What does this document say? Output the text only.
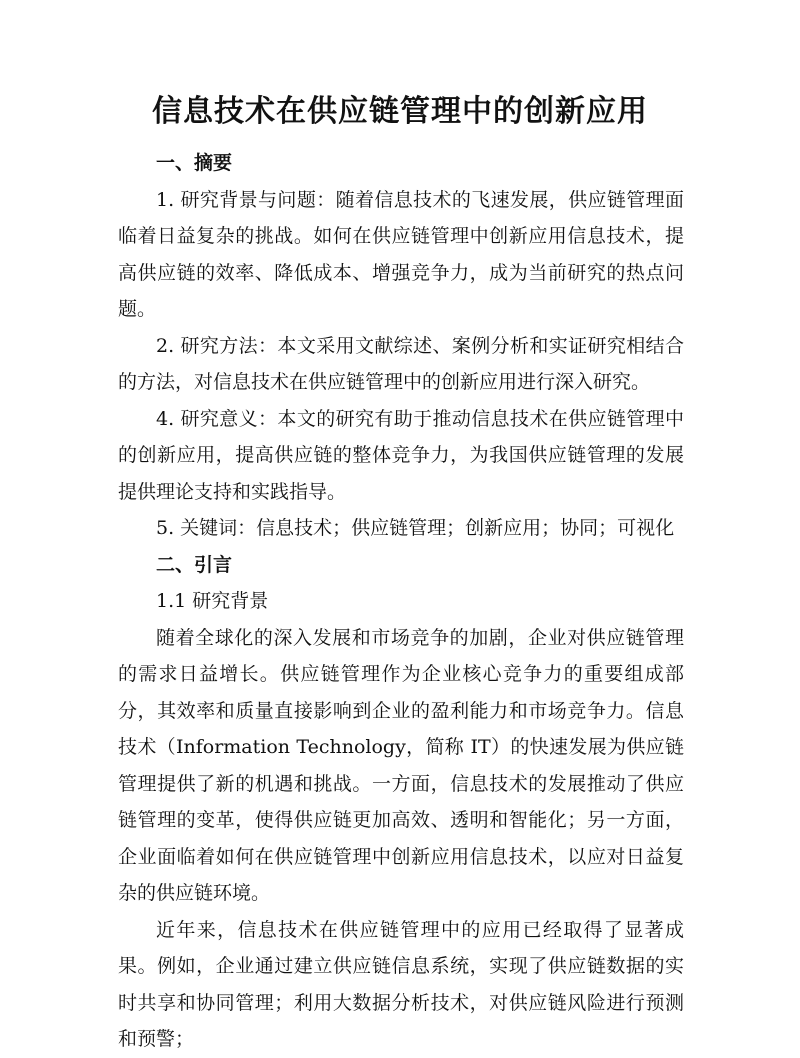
信息技术在供应链管理中的创新应用
一、摘要

1. 研究背景与问题：随着信息技术的飞速发展，供应链管理面临着日益复杂的挑战。如何在供应链管理中创新应用信息技术，提高供应链的效率、降低成本、增强竞争力，成为当前研究的热点问题。

2. 研究方法：本文采用文献综述、案例分析和实证研究相结合的方法，对信息技术在供应链管理中的创新应用进行深入研究。

4. 研究意义：本文的研究有助于推动信息技术在供应链管理中的创新应用，提高供应链的整体竞争力，为我国供应链管理的发展提供理论支持和实践指导。

5. 关键词：信息技术；供应链管理；创新应用；协同；可视化

二、引言
1.1 研究背景

随着全球化的深入发展和市场竞争的加剧，企业对供应链管理的需求日益增长。供应链管理作为企业核心竞争力的重要组成部分，其效率和质量直接影响到企业的盈利能力和市场竞争力。信息技术（Information Technology，简称 IT）的快速发展为供应链管理提供了新的机遇和挑战。一方面，信息技术的发展推动了供应链管理的变革，使得供应链更加高效、透明和智能化；另一方面，企业面临着如何在供应链管理中创新应用信息技术，以应对日益复杂的供应链环境。

近年来，信息技术在供应链管理中的应用已经取得了显著成果。例如，企业通过建立供应链信息系统，实现了供应链数据的实时共享和协同管理；利用大数据分析技术，对供应链风险进行预测和预警；
